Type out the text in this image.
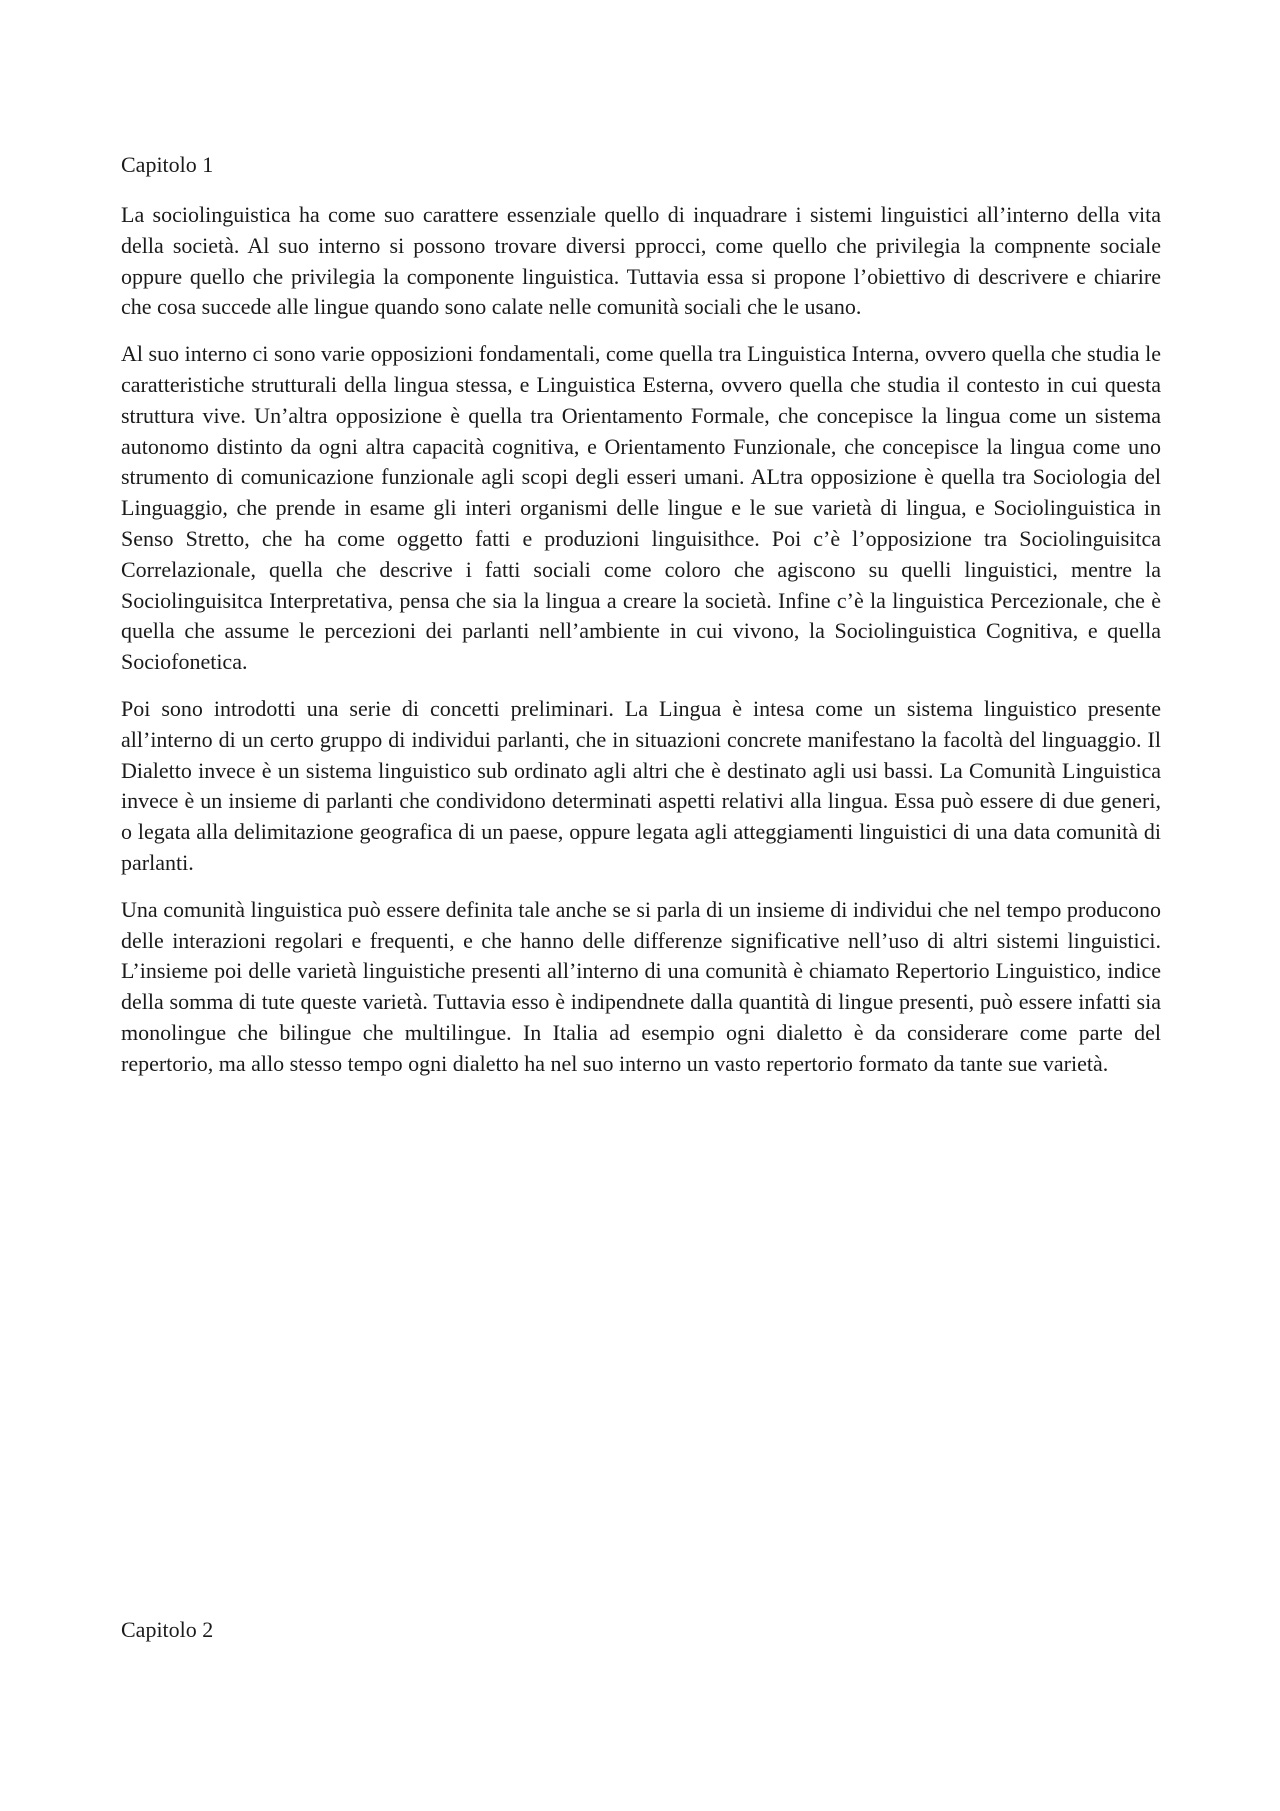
Capitolo 1

La sociolinguistica ha come suo carattere essenziale quello di inquadrare i sistemi linguistici all’interno della vita della società. Al suo interno si possono trovare diversi pprocci, come quello che privilegia la compnente sociale oppure quello che privilegia la componente linguistica. Tuttavia essa si propone l’obiettivo di descrivere e chiarire che cosa succede alle lingue quando sono calate nelle comunità sociali che le usano.

Al suo interno ci sono varie opposizioni fondamentali, come quella tra Linguistica Interna, ovvero quella che studia le caratteristiche strutturali della lingua stessa, e Linguistica Esterna, ovvero quella che studia il contesto in cui questa struttura vive. Un’altra opposizione è quella tra Orientamento Formale, che concepisce la lingua come un sistema autonomo distinto da ogni altra capacità cognitiva, e Orientamento Funzionale, che concepisce la lingua come uno strumento di comunicazione funzionale agli scopi degli esseri umani. ALtra opposizione è quella tra Sociologia del Linguaggio, che prende in esame gli interi organismi delle lingue e le sue varietà di lingua, e Sociolinguistica in Senso Stretto, che ha come oggetto fatti e produzioni linguisithce. Poi c’è l’opposizione tra Sociolinguisitca Correlazionale, quella che descrive i fatti sociali come coloro che agiscono su quelli linguistici, mentre la Sociolinguisitca Interpretativa, pensa che sia la lingua a creare la società. Infine c’è la linguistica Percezionale, che è quella che assume le percezioni dei parlanti nell’ambiente in cui vivono, la Sociolinguistica Cognitiva, e quella Sociofonetica.

Poi sono introdotti una serie di concetti preliminari. La Lingua è intesa come un sistema linguistico presente all’interno di un certo gruppo di individui parlanti, che in situazioni concrete manifestano la facoltà del linguaggio. Il Dialetto invece è un sistema linguistico sub ordinato agli altri che è destinato agli usi bassi. La Comunità Linguistica invece è un insieme di parlanti che condividono determinati aspetti relativi alla lingua. Essa può essere di due generi, o legata alla delimitazione geografica di un paese, oppure legata agli atteggiamenti linguistici di una data comunità di parlanti.

Una comunità linguistica può essere definita tale anche se si parla di un insieme di individui che nel tempo producono delle interazioni regolari e frequenti, e che hanno delle differenze significative nell’uso di altri sistemi linguistici. L’insieme poi delle varietà linguistiche presenti all’interno di una comunità è chiamato Repertorio Linguistico, indice della somma di tute queste varietà. Tuttavia esso è indipendnete dalla quantità di lingue presenti, può essere infatti sia monolingue che bilingue che multilingue. In Italia ad esempio ogni dialetto è da considerare come parte del repertorio, ma allo stesso tempo ogni dialetto ha nel suo interno un vasto repertorio formato da tante sue varietà.

Capitolo 2
